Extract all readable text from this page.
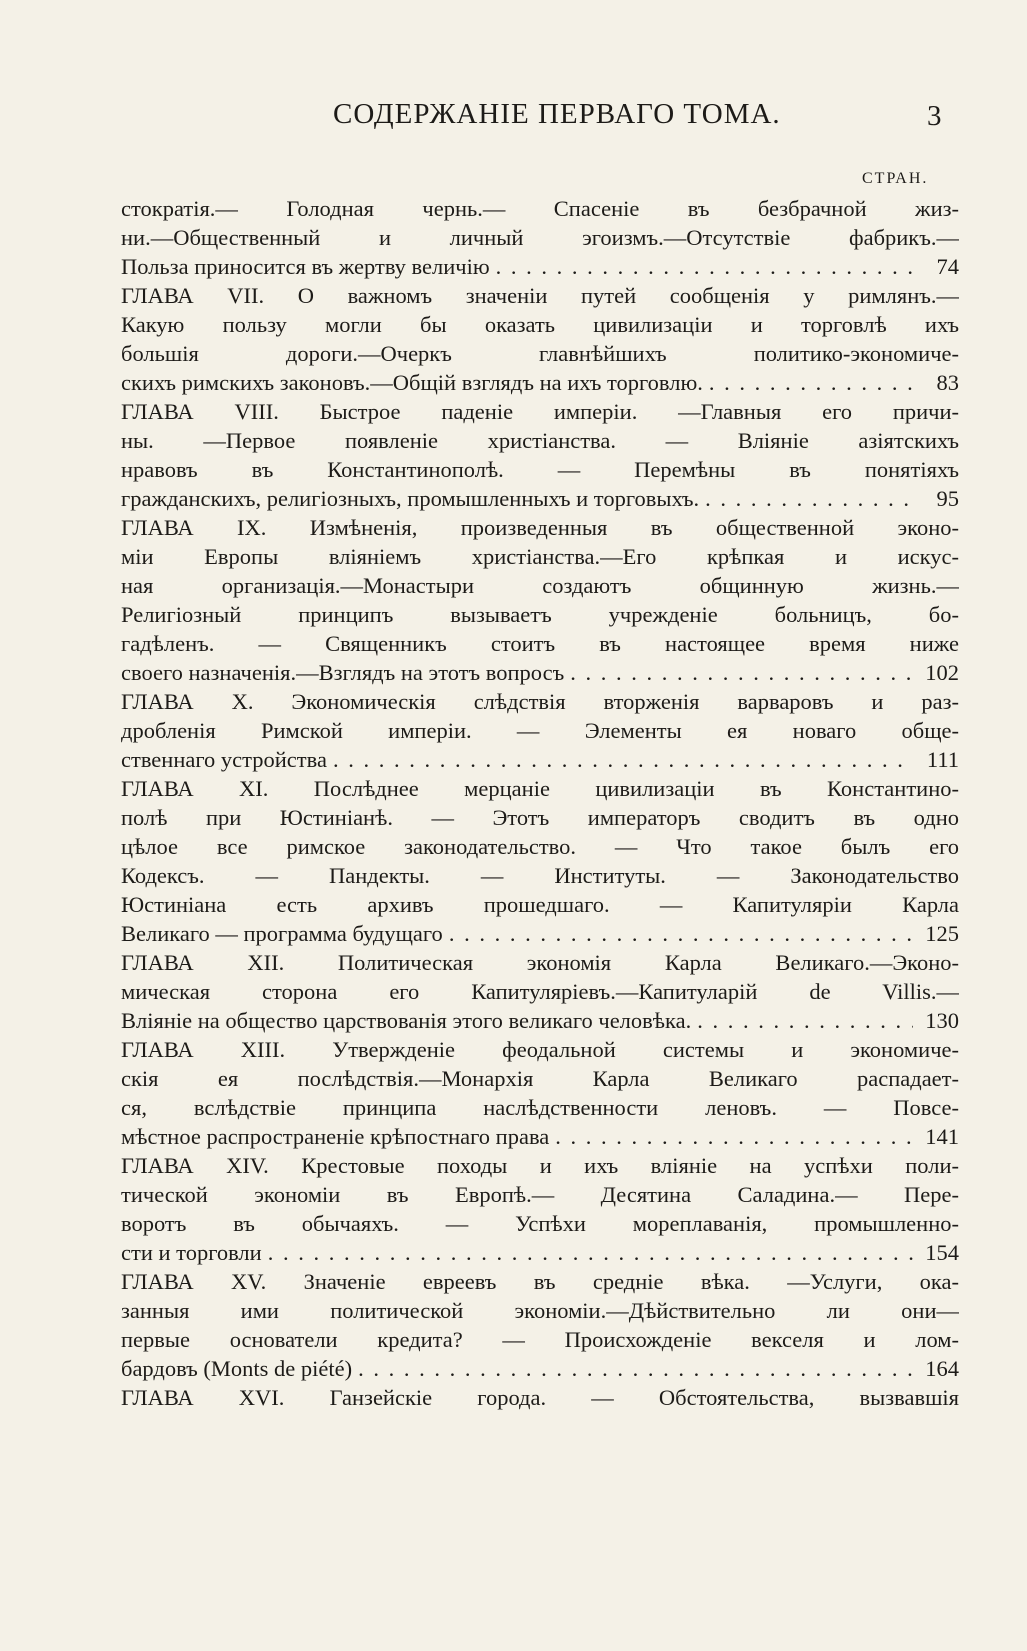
СОДЕРЖАНІЕ ПЕРВАГО ТОМА.	3
СТРАН.
стократія.— Голодная чернь.— Спасеніе въ безбрачной жиз-
ни.—Общественный и личный эгоизмъ.—Отсутствіе фабрикъ.—
Польза приносится въ жертву величію . . .	74
ГЛАВА VII. О важномъ значеніи путей сообщенія у римлянъ.—
Какую пользу могли бы оказать цивилизаціи и торговлѣ ихъ
большія дороги.—Очеркъ главнѣйшихъ политико-экономиче-
скихъ римскихъ законовъ.—Общій взглядъ на ихъ торговлю. . . .	83
ГЛАВА VIII. Быстрое паденіе имперіи. —Главныя его причи-
ны. —Первое появленіе христіанства. — Вліяніе азіятскихъ
нравовъ въ Константинополѣ. — Перемѣны въ понятіяхъ
гражданскихъ, религіозныхъ, промышленныхъ и торговыхъ. . . .	95
ГЛАВА IX. Измѣненія, произведенныя въ общественной эконо-
міи Европы вліяніемъ христіанства.—Его крѣпкая и искус-
ная организація.—Монастыри создаютъ общинную жизнь.—
Религіозный принципъ вызываетъ учрежденіе больницъ, бо-
гадѣленъ. — Священникъ стоитъ въ настоящее время ниже
своего назначенія.—Взглядъ на этотъ вопросъ . . .	102
ГЛАВА X. Экономическія слѣдствія вторженія варваровъ и раз-
дробленія Римской имперіи. — Элементы ея новаго обще-
ственнаго устройства . . .	111
ГЛАВА XI. Послѣднее мерцаніе цивилизаціи въ Константино-
полѣ при Юстиніанѣ. — Этотъ императоръ сводитъ въ одно
цѣлое все римское законодательство. — Что такое былъ его
Кодексъ. — Пандекты. — Институты. — Законодательство
Юстиніана есть архивъ прошедшаго. — Капитулярiи Карла
Великаго — программа будущаго . . .	125
ГЛАВА XII. Политическая экономія Карла Великаго.—Эконо-
мическая сторона его Капитуляріевъ.—Капитуларій de Villis.—
Вліяніе на общество царствованія этого великаго человѣка. . . .	130
ГЛАВА XIII. Утвержденіе феодальной системы и экономиче-
скія ея послѣдствія.—Монархія Карла Великаго распадает-
ся, вслѣдствіе принципа наслѣдственности леновъ. — Повсе-
мѣстное распространеніе крѣпостнаго права . . .	141
ГЛАВА XIV. Крестовые походы и ихъ вліяніе на успѣхи поли-
тической экономіи въ Европѣ.— Десятина Саладина.— Пере-
воротъ въ обычаяхъ. — Успѣхи мореплаванія, промышленно-
сти и торговли . . .	154
ГЛАВА XV. Значеніе евреевъ въ средніе вѣка. —Услуги, ока-
занныя ими политической экономіи.—Дѣйствительно ли они—
первые основатели кредита? — Происхожденіе векселя и лом-
бардовъ (Monts de piété) . . .	164
ГЛАВА XVI. Ганзейскіе города. — Обстоятельства, вызвавшія
